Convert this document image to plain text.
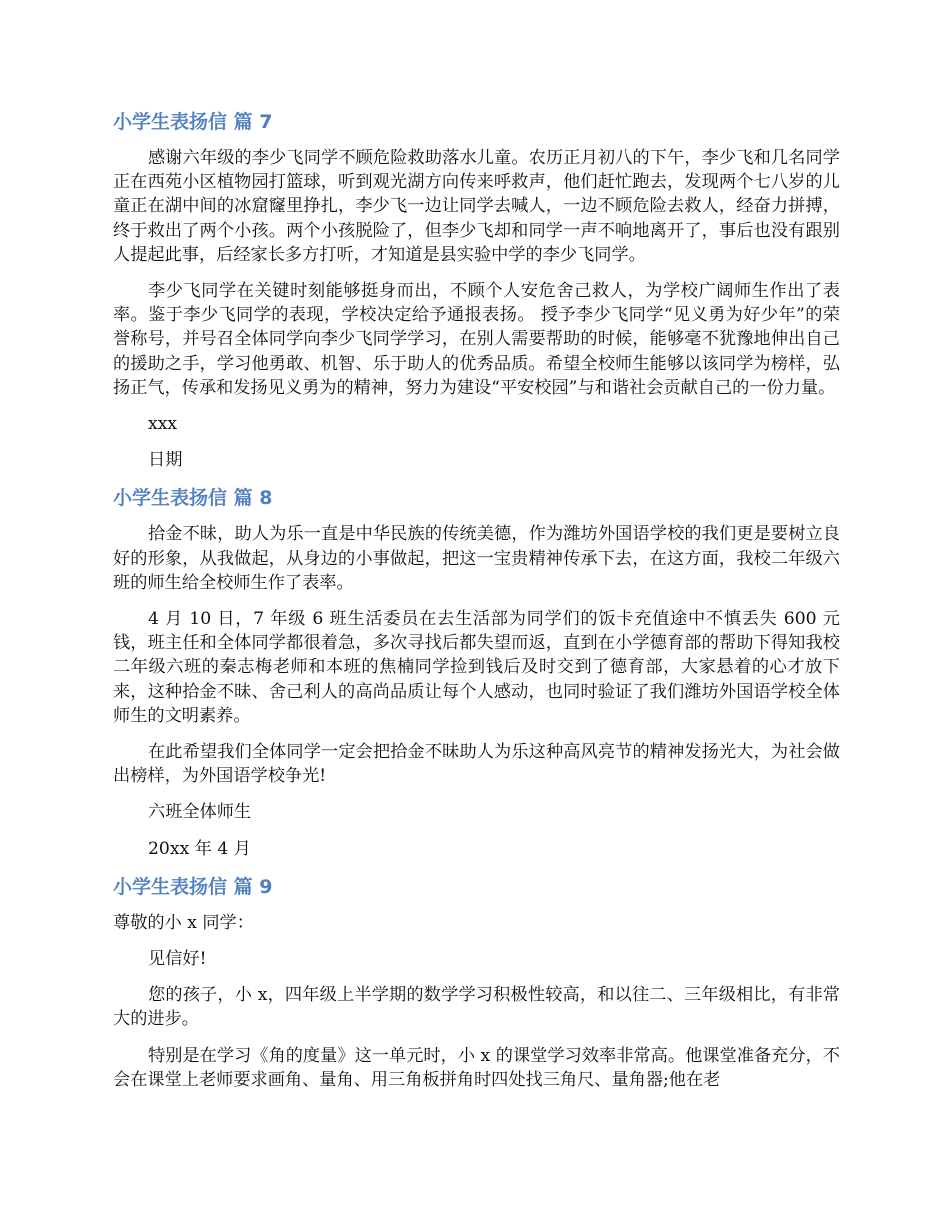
小学生表扬信 篇 7

感谢六年级的李少飞同学不顾危险救助落水儿童。农历正月初八的下午，李少飞和几名同学正在西苑小区植物园打篮球，听到观光湖方向传来呼救声，他们赶忙跑去，发现两个七八岁的儿童正在湖中间的冰窟窿里挣扎，李少飞一边让同学去喊人，一边不顾危险去救人，经奋力拼搏，终于救出了两个小孩。两个小孩脱险了，但李少飞却和同学一声不响地离开了，事后也没有跟别人提起此事，后经家长多方打听，才知道是县实验中学的李少飞同学。

李少飞同学在关键时刻能够挺身而出，不顾个人安危舍己救人，为学校广阔师生作出了表率。鉴于李少飞同学的表现，学校决定给予通报表扬。 授予李少飞同学“见义勇为好少年”的荣誉称号，并号召全体同学向李少飞同学学习，在别人需要帮助的时候，能够毫不犹豫地伸出自己的援助之手，学习他勇敢、机智、乐于助人的优秀品质。希望全校师生能够以该同学为榜样，弘扬正气，传承和发扬见义勇为的精神，努力为建设“平安校园”与和谐社会贡献自己的一份力量。

xxx
日期
小学生表扬信 篇 8

拾金不昧，助人为乐一直是中华民族的传统美德，作为潍坊外国语学校的我们更是要树立良好的形象，从我做起，从身边的小事做起，把这一宝贵精神传承下去，在这方面，我校二年级六班的师生给全校师生作了表率。

4 月 10 日，7 年级 6 班生活委员在去生活部为同学们的饭卡充值途中不慎丢失 600 元钱，班主任和全体同学都很着急，多次寻找后都失望而返，直到在小学德育部的帮助下得知我校二年级六班的秦志梅老师和本班的焦楠同学捡到钱后及时交到了德育部，大家悬着的心才放下来，这种拾金不昧、舍己利人的高尚品质让每个人感动，也同时验证了我们潍坊外国语学校全体师生的文明素养。

在此希望我们全体同学一定会把拾金不昧助人为乐这种高风亮节的精神发扬光大，为社会做出榜样，为外国语学校争光!

六班全体师生
20xx 年 4 月
小学生表扬信 篇 9

尊敬的小 x 同学：

见信好!

您的孩子，小 x，四年级上半学期的数学学习积极性较高，和以往二、三年级相比，有非常大的进步。

特别是在学习《角的度量》这一单元时，小 x 的课堂学习效率非常高。他课堂准备充分，不会在课堂上老师要求画角、量角、用三角板拼角时四处找三角尺、量角器;他在老
